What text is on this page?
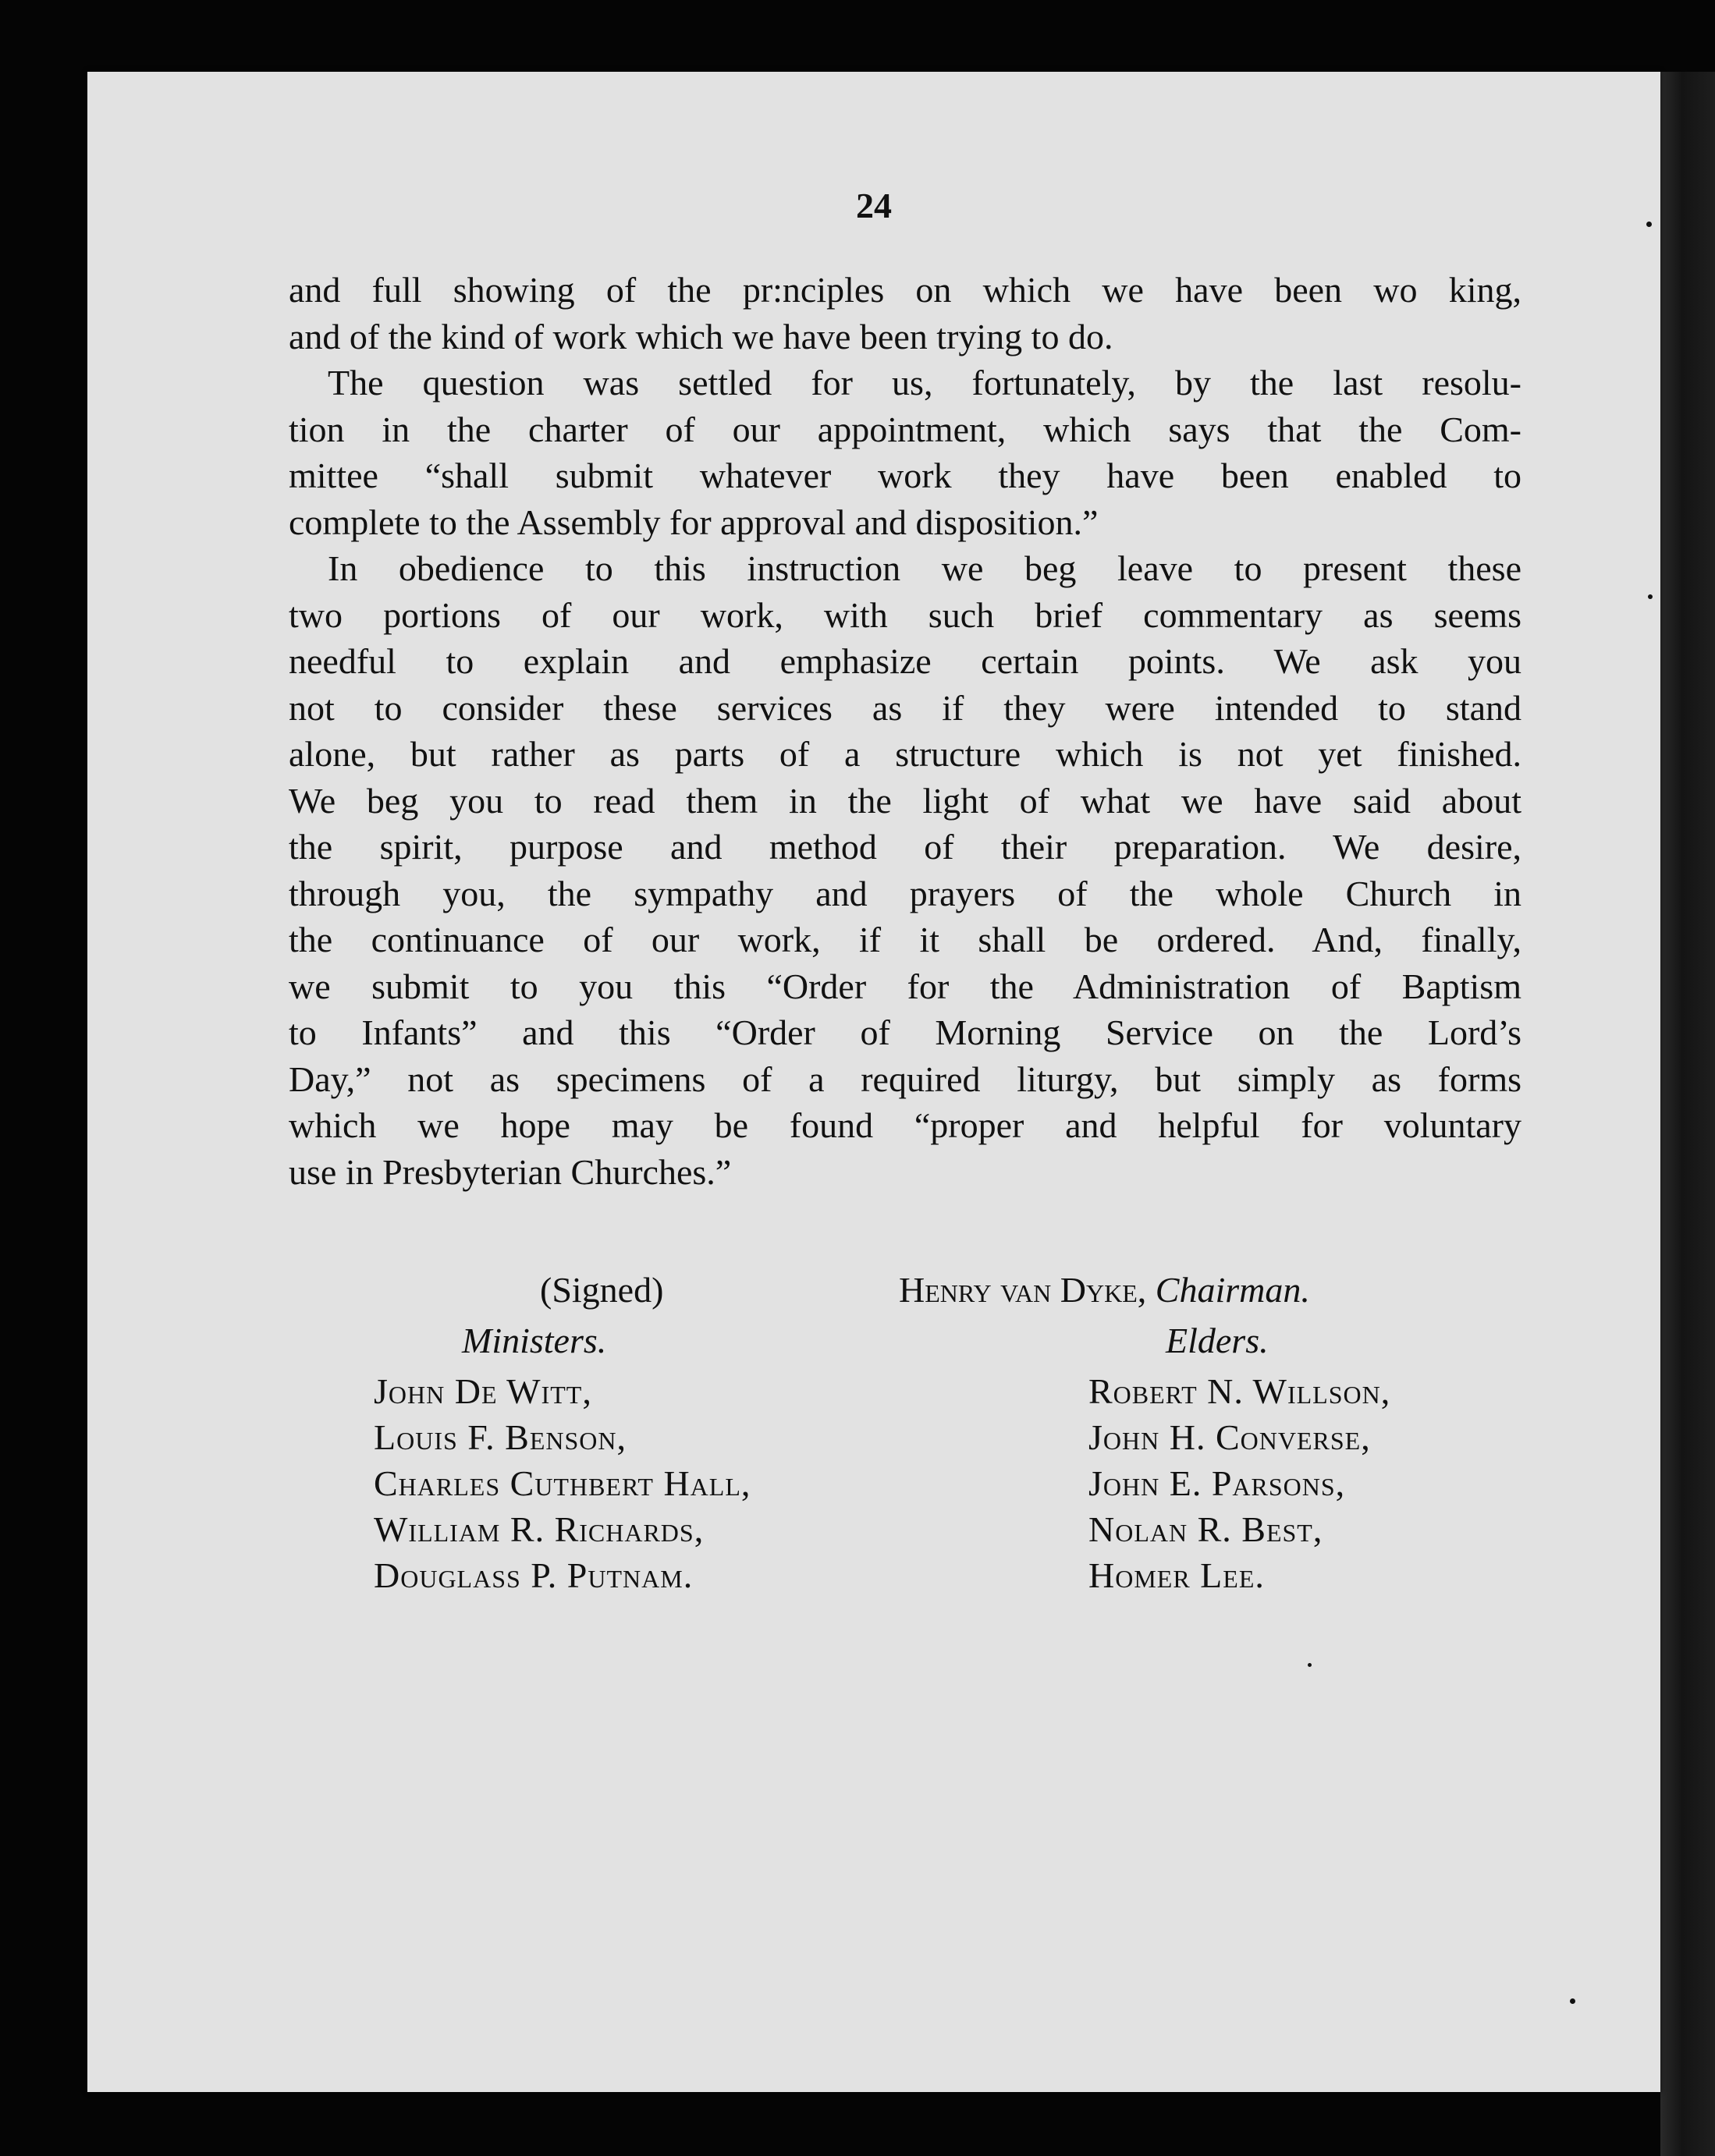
24
and full showing of the pr:nciples on which we have been wo king,
and of the kind of work which we have been trying to do.
The question was settled for us, fortunately, by the last resolu-
tion in the charter of our appointment, which says that the Com-
mittee “shall submit whatever work they have been enabled to
complete to the Assembly for approval and disposition.”
In obedience to this instruction we beg leave to present these
two portions of our work, with such brief commentary as seems
needful to explain and emphasize certain points. We ask you
not to consider these services as if they were intended to stand
alone, but rather as parts of a structure which is not yet finished.
We beg you to read them in the light of what we have said about
the spirit, purpose and method of their preparation. We desire,
through you, the sympathy and prayers of the whole Church in
the continuance of our work, if it shall be ordered. And, finally,
we submit to you this “Order for the Administration of Baptism
to Infants” and this “Order of Morning Service on the Lord’s
Day,” not as specimens of a required liturgy, but simply as forms
which we hope may be found “proper and helpful for voluntary
use in Presbyterian Churches.”
(Signed)	Henry van Dyke, Chairman.
Ministers.	Elders.
John De Witt,
Louis F. Benson,
Charles Cuthbert Hall,
William R. Richards,
Douglass P. Putnam.
Robert N. Willson,
John H. Converse,
John E. Parsons,
Nolan R. Best,
Homer Lee.
